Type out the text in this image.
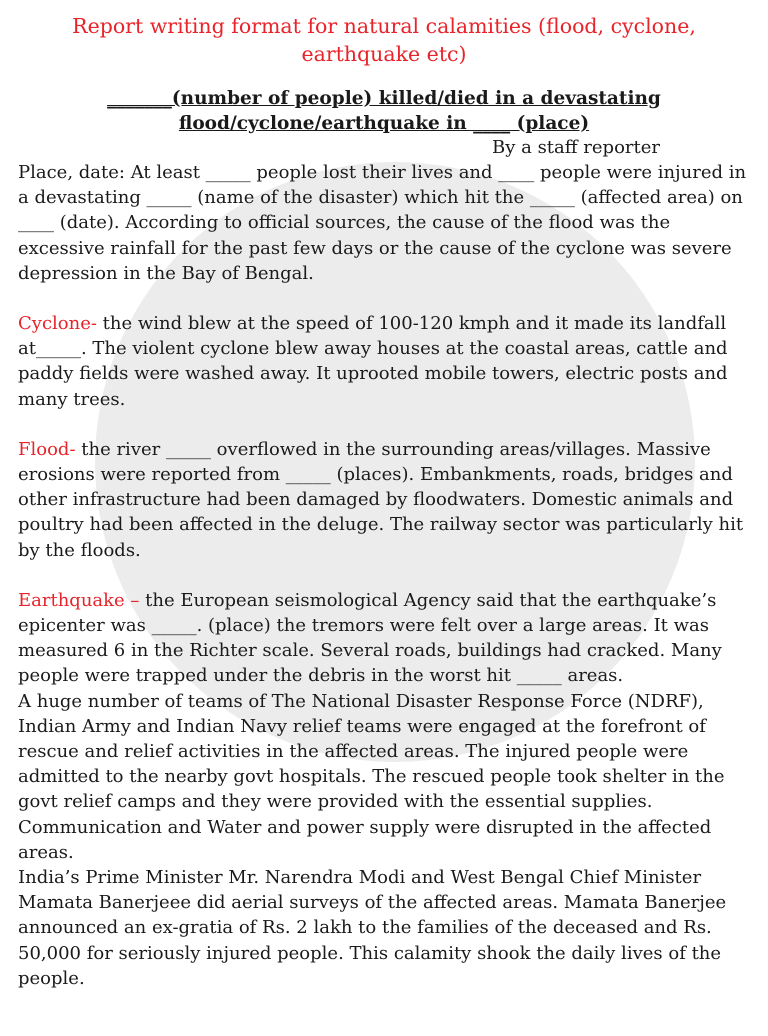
Report writing format for natural calamities (flood, cyclone, earthquake etc)
_______(number of people) killed/died in a devastating
flood/cyclone/earthquake in ____ (place)
By a staff reporter

Place, date: At least _____ people lost their lives and ____ people were injured in a devastating _____ (name of the disaster) which hit the _____ (affected area) on ____ (date). According to official sources, the cause of the flood was the excessive rainfall for the past few days or the cause of the cyclone was severe depression in the Bay of Bengal.

Cyclone- the wind blew at the speed of 100-120 kmph and it made its landfall at_____. The violent cyclone blew away houses at the coastal areas, cattle and paddy fields were washed away. It uprooted mobile towers, electric posts and many trees.

Flood- the river _____ overflowed in the surrounding areas/villages. Massive erosions were reported from _____ (places). Embankments, roads, bridges and other infrastructure had been damaged by floodwaters. Domestic animals and poultry had been affected in the deluge. The railway sector was particularly hit by the floods.

Earthquake – the European seismological Agency said that the earthquake’s epicenter was _____. (place) the tremors were felt over a large areas. It was measured 6 in the Richter scale. Several roads, buildings had cracked. Many people were trapped under the debris in the worst hit _____ areas.

A huge number of teams of The National Disaster Response Force (NDRF), Indian Army and Indian Navy relief teams were engaged at the forefront of rescue and relief activities in the affected areas. The injured people were admitted to the nearby govt hospitals. The rescued people took shelter in the govt relief camps and they were provided with the essential supplies. Communication and Water and power supply were disrupted in the affected areas.

India’s Prime Minister Mr. Narendra Modi and West Bengal Chief Minister Mamata Banerjeee did aerial surveys of the affected areas. Mamata Banerjee announced an ex-gratia of Rs. 2 lakh to the families of the deceased and Rs. 50,000 for seriously injured people. This calamity shook the daily lives of the people.
